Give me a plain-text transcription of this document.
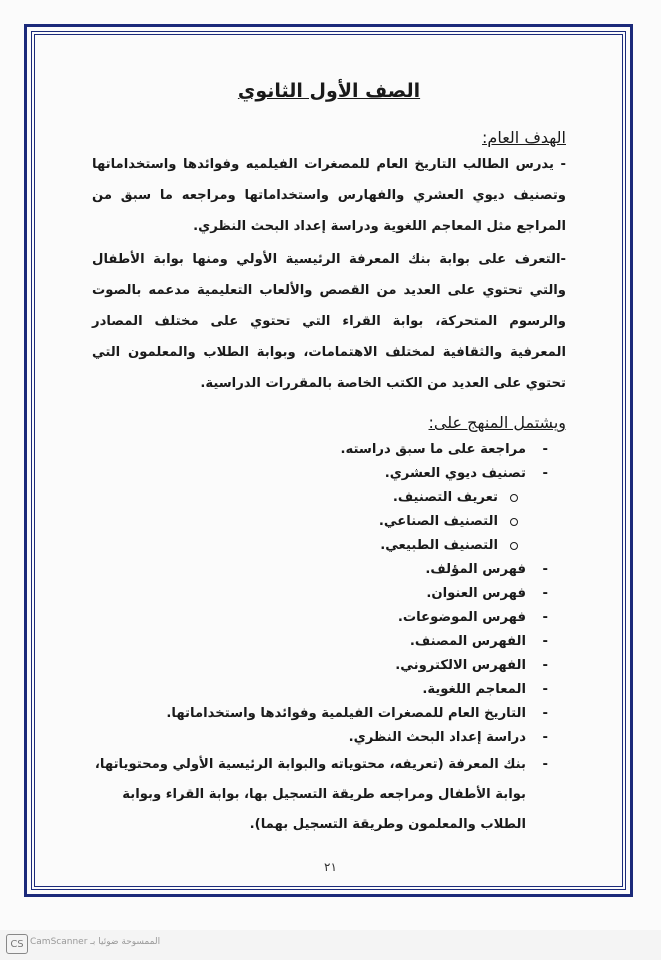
الصف الأول الثانوي
الهدف العام:

- يدرس الطالب التاريخ العام للمصغرات الفيلميه وفوائدها واستخداماتها وتصنيف ديوي العشري والفهارس واستخداماتها ومراجعه ما سبق من المراجع مثل المعاجم اللغوية ودراسة إعداد البحث النظري.

-التعرف على بوابة بنك المعرفة الرئيسية الأولي ومنها بوابة الأطفال والتي تحتوي على العديد من القصص والألعاب التعليمية مدعمه بالصوت والرسوم المتحركة، بوابة القراء التي تحتوي على مختلف المصادر المعرفية والثقافية لمختلف الاهتمامات، وبوابة الطلاب والمعلمون التي تحتوي على العديد من الكتب الخاصة بالمقررات الدراسية.

ويشتمل المنهج على:
-
مراجعة على ما سبق دراسته.
-
تصنيف ديوي العشري.
تعريف التصنيف.
التصنيف الصناعي.
التصنيف الطبيعي.
-
فهرس المؤلف.
-
فهرس العنوان.
-
فهرس الموضوعات.
-
الفهرس المصنف.
-
الفهرس الالكتروني.
-
المعاجم اللغوية.
-
التاريخ العام للمصغرات الفيلمية وفوائدها واستخداماتها.
-
دراسة إعداد البحث النظري.
-
بنك المعرفة (تعريفه، محتوياته والبوابة الرئيسية الأولي ومحتوياتها، بوابة الأطفال ومراجعه طريقة التسجيل بها، بوابة القراء وبوابة الطلاب والمعلمون وطريقة التسجيل بهما).
٢١
CS الممسوحة ضوئيا بـ CamScanner
